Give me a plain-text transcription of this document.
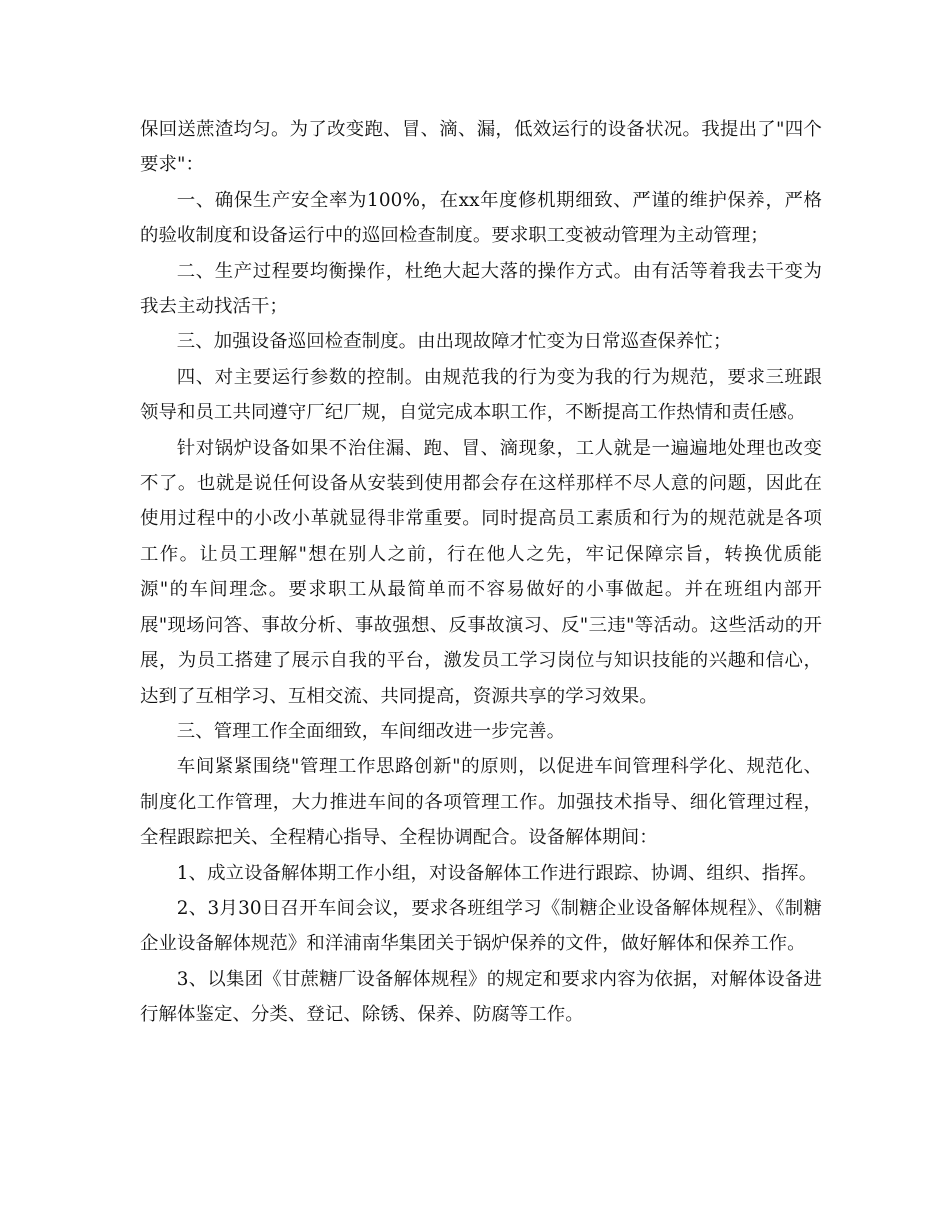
保回送蔗渣均匀。为了改变跑、冒、滴、漏，低效运行的设备状况。我提出了"四个要求"：

一、确保生产安全率为100%，在xx年度修机期细致、严谨的维护保养，严格的验收制度和设备运行中的巡回检查制度。要求职工变被动管理为主动管理；

二、生产过程要均衡操作，杜绝大起大落的操作方式。由有活等着我去干变为我去主动找活干；

三、加强设备巡回检查制度。由出现故障才忙变为日常巡查保养忙；

四、对主要运行参数的控制。由规范我的行为变为我的行为规范，要求三班跟领导和员工共同遵守厂纪厂规，自觉完成本职工作，不断提高工作热情和责任感。

针对锅炉设备如果不治住漏、跑、冒、滴现象，工人就是一遍遍地处理也改变不了。也就是说任何设备从安装到使用都会存在这样那样不尽人意的问题，因此在使用过程中的小改小革就显得非常重要。同时提高员工素质和行为的规范就是各项工作。让员工理解"想在别人之前，行在他人之先，牢记保障宗旨，转换优质能源"的车间理念。要求职工从最简单而不容易做好的小事做起。并在班组内部开展"现场问答、事故分析、事故强想、反事故演习、反"三违"等活动。这些活动的开展，为员工搭建了展示自我的平台，激发员工学习岗位与知识技能的兴趣和信心，达到了互相学习、互相交流、共同提高，资源共享的学习效果。

三、管理工作全面细致，车间细改进一步完善。

车间紧紧围绕"管理工作思路创新"的原则，以促进车间管理科学化、规范化、制度化工作管理，大力推进车间的各项管理工作。加强技术指导、细化管理过程，全程跟踪把关、全程精心指导、全程协调配合。设备解体期间：

1、成立设备解体期工作小组，对设备解体工作进行跟踪、协调、组织、指挥。

2、3月30日召开车间会议，要求各班组学习《制糖企业设备解体规程》、《制糖企业设备解体规范》和洋浦南华集团关于锅炉保养的文件，做好解体和保养工作。

3、以集团《甘蔗糖厂设备解体规程》的规定和要求内容为依据，对解体设备进行解体鉴定、分类、登记、除锈、保养、防腐等工作。
